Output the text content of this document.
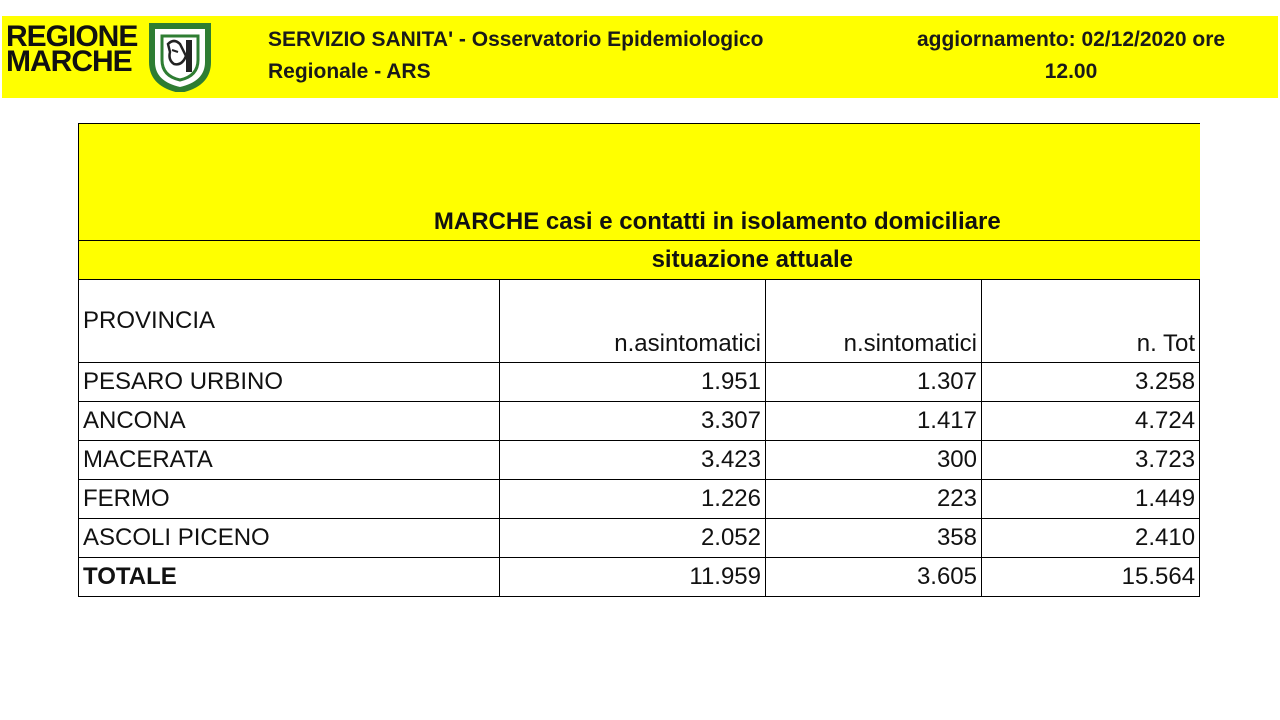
REGIONE
MARCHE
SERVIZIO SANITA' - Osservatorio Epidemiologico
Regionale - ARS
aggiornamento: 02/12/2020 ore
12.00
MARCHE casi e contatti in isolamento domiciliare			
situazione attuale			
PROVINCIA	n.asintomatici	n.sintomatici	n. Tot
PESARO URBINO	1.951	1.307	3.258
ANCONA	3.307	1.417	4.724
MACERATA	3.423	300	3.723
FERMO	1.226	223	1.449
ASCOLI PICENO	2.052	358	2.410
TOTALE	11.959	3.605	15.564
